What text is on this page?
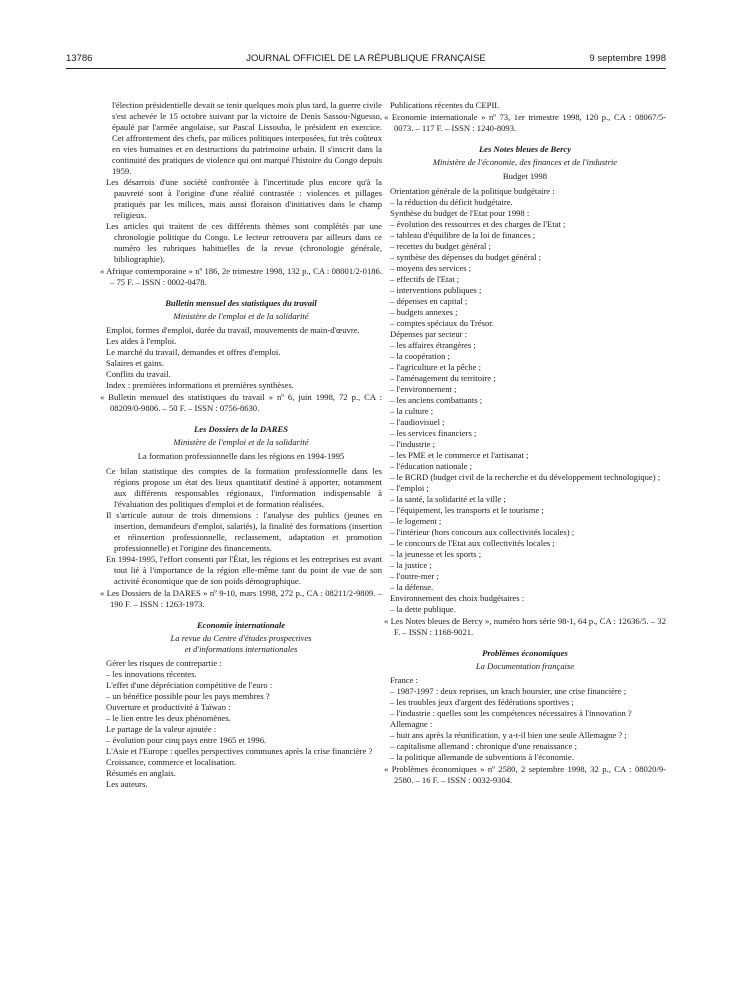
13786	JOURNAL OFFICIEL DE LA RÉPUBLIQUE FRANÇAISE	9 septembre 1998

l'élection présidentielle devait se tenir quelques mois plus tard, la guerre civile s'est achevée le 15 octobre suivant par la victoire de Denis Sassou-Nguesso, épaulé par l'armée angolaise, sur Pascal Lissouba, le président en exercice. Cet affrontement des chefs, par milices politiques interposées, fut très coûteux en vies humaines et en destructions du patrimoine urbain. Il s'inscrit dans la continuité des pratiques de violence qui ont marqué l'histoire du Congo depuis 1959.

Les désarrois d'une société confrontée à l'incertitude plus encore qu'à la pauvreté sont à l'origine d'une réalité contrastée : violences et pillages pratiqués par les milices, mais aussi floraison d'initiatives dans le champ religieux.

Les articles qui traitent de ces différents thèmes sont complétés par une chronologie politique du Congo. Le lecteur retrouvera par ailleurs dans ce numéro les rubriques habituelles de la revue (chronologie générale, bibliographie).

« Afrique contemporaine » nº 186, 2e trimestre 1998, 132 p., CA : 08001/2-0186. – 75 F. – ISSN : 0002-0478.

Bulletin mensuel des statistiques du travail

Ministère de l'emploi et de la solidarité

Emploi, formes d'emploi, durée du travail, mouvements de main-d'œuvre.

Les aides à l'emploi.

Le marché du travail, demandes et offres d'emploi.

Salaires et gains.

Conflits du travail.

Index : premières informations et premières synthèses.

« Bulletin mensuel des statistiques du travail » nº 6, juin 1998, 72 p., CA : 08209/0-9806. – 50 F. – ISSN : 0756-8630.

Les Dossiers de la DARES

Ministère de l'emploi et de la solidarité

La formation professionnelle dans les régions en 1994-1995

Ce bilan statistique des comptes de la formation professionnelle dans les régions propose un état des lieux quantitatif destiné à apporter, notamment aux différents responsables régionaux, l'information indispensable à l'évaluation des politiques d'emploi et de formation réalisées.

Il s'articule autour de trois dimensions : l'analyse des publics (jeunes en insertion, demandeurs d'emploi, salariés), la finalité des formations (insertion et réinsertion professionnelle, reclassement, adaptation et promotion professionnelle) et l'origine des financements.

En 1994-1995, l'effort consenti par l'État, les régions et les entreprises est avant tout lié à l'importance de la région elle-même tant du point de vue de son activité économique que de son poids démographique.

« Les Dossiers de la DARES » nº 9-10, mars 1998, 272 p., CA : 08211/2-9809. – 190 F. – ISSN : 1263-1973.

Economie internationale

La revue du Centre d'études prospectives

et d'informations internationales

Gérer les risques de contrepartie :

– les innovations récentes.

L'effet d'une dépréciation compétitive de l'euro :

– un bénéfice possible pour les pays membres ?

Ouverture et productivité à Taïwan :

– le lien entre les deux phénomènes.

Le partage de la valeur ajoutée :

– évolution pour cinq pays entre 1965 et 1996.

L'Asie et l'Europe : quelles perspectives communes après la crise financière ?

Croissance, commerce et localisation.

Résumés en anglais.

Les auteurs.

Publications récentes du CEPII.

« Economie internationale » nº 73, 1er trimestre 1998, 120 p., CA : 08067/5-0073. – 117 F. – ISSN : 1240-8093.

Les Notes bleues de Bercy

Ministère de l'économie, des finances et de l'industrie

Budget 1998

Orientation générale de la politique budgétaire :

– la réduction du déficit budgétaire.

Synthèse du budget de l'Etat pour 1998 :

– évolution des ressources et des charges de l'Etat ;

– tableau d'équilibre de la loi de finances ;

– recettes du budget général ;

– synthèse des dépenses du budget général ;

– moyens des services ;

– effectifs de l'Etat ;

– interventions publiques ;

– dépenses en capital ;

– budgets annexes ;

– comptes spéciaux du Trésor.

Dépenses par secteur :

– les affaires étrangères ;

– la coopération ;

– l'agriculture et la pêche ;

– l'aménagement du territoire ;

– l'environnement ;

– les anciens combattants ;

– la culture ;

– l'audiovisuel ;

– les services financiers ;

– l'industrie ;

– les PME et le commerce et l'artisanat ;

– l'éducation nationale ;

– le BCRD (budget civil de la recherche et du développement technologique) ;

– l'emploi ;

– la santé, la solidarité et la ville ;

– l'équipement, les transports et le tourisme ;

– le logement ;

– l'intérieur (hors concours aux collectivités locales) ;

– le concours de l'Etat aux collectivités locales ;

– la jeunesse et les sports ;

– la justice ;

– l'outre-mer ;

– la défense.

Environnement des choix budgétaires :

– la dette publique.

« Les Notes bleues de Bercy », numéro hors série 98-1, 64 p., CA : 12636/5. – 32 F. – ISSN : 1168-9021.

Problèmes économiques

La Documentation française

France :

– 1987-1997 : deux reprises, un krach boursier, une crise financière ;

– les troubles jeux d'argent des fédérations sportives ;

– l'industrie : quelles sont les compétences nécessaires à l'innovation ?

Allemagne :

– huit ans après la réunification, y a-t-il bien une seule Allemagne ? ;

– capitalisme allemand : chronique d'une renaissance ;

– la politique allemande de subventions à l'économie.

« Problèmes économiques » nº 2580, 2 septembre 1998, 32 p., CA : 08020/9-2580. – 16 F. – ISSN : 0032-9304.
